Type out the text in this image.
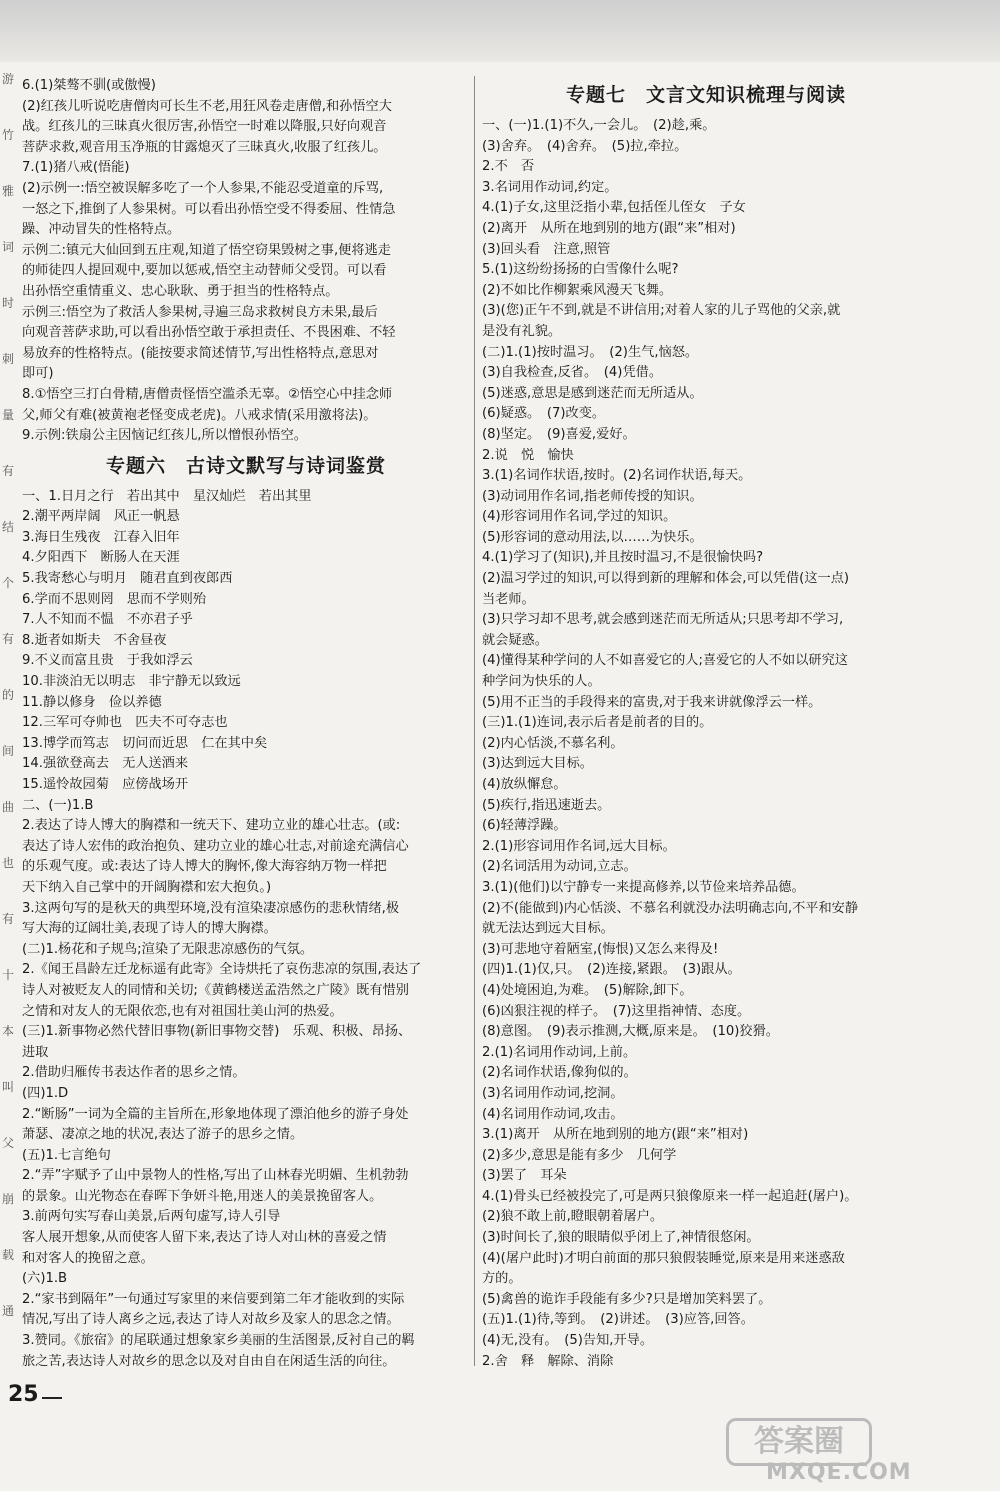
游
竹
雅
词
时
刺
量
有
结
个
有
的
间
曲
也
有
十
本
叫
父
崩
载
通
6.(1)桀骜不驯(或傲慢)
(2)红孩儿听说吃唐僧肉可长生不老,用狂风卷走唐僧,和孙悟空大
战。红孩儿的三昧真火很厉害,孙悟空一时难以降服,只好向观音
菩萨求救,观音用玉净瓶的甘露熄灭了三昧真火,收服了红孩儿。
7.(1)猪八戒(悟能)
(2)示例一:悟空被误解多吃了一个人参果,不能忍受道童的斥骂,
一怒之下,推倒了人参果树。可以看出孙悟空受不得委屈、性情急
躁、冲动冒失的性格特点。
示例二:镇元大仙回到五庄观,知道了悟空窃果毁树之事,便将逃走
的师徒四人提回观中,要加以惩戒,悟空主动替师父受罚。可以看
出孙悟空重情重义、忠心耿耿、勇于担当的性格特点。
示例三:悟空为了救活人参果树,寻遍三岛求救树良方未果,最后
向观音菩萨求助,可以看出孙悟空敢于承担责任、不畏困难、不轻
易放弃的性格特点。(能按要求简述情节,写出性格特点,意思对
即可)
8.①悟空三打白骨精,唐僧责怪悟空滥杀无辜。②悟空心中挂念师
父,师父有难(被黄袍老怪变成老虎)。八戒求情(采用激将法)。
9.示例:铁扇公主因恼记红孩儿,所以憎恨孙悟空。
专题六　古诗文默写与诗词鉴赏
一、1.日月之行　若出其中　星汉灿烂　若出其里
2.潮平两岸阔　风正一帆悬
3.海日生残夜　江春入旧年
4.夕阳西下　断肠人在天涯
5.我寄愁心与明月　随君直到夜郎西
6.学而不思则罔　思而不学则殆
7.人不知而不愠　不亦君子乎
8.逝者如斯夫　不舍昼夜
9.不义而富且贵　于我如浮云
10.非淡泊无以明志　非宁静无以致远
11.静以修身　俭以养德
12.三军可夺帅也　匹夫不可夺志也
13.博学而笃志　切问而近思　仁在其中矣
14.强欲登高去　无人送酒来
15.遥怜故园菊　应傍战场开
二、(一)1.B
2.表达了诗人博大的胸襟和一统天下、建功立业的雄心壮志。(或:
表达了诗人宏伟的政治抱负、建功立业的雄心壮志,对前途充满信心
的乐观气度。或:表达了诗人博大的胸怀,像大海容纳万物一样把
天下纳入自己掌中的开阔胸襟和宏大抱负。)
3.这两句写的是秋天的典型环境,没有渲染凄凉感伤的悲秋情绪,极
写大海的辽阔壮美,表现了诗人的博大胸襟。
(二)1.杨花和子规鸟;渲染了无限悲凉感伤的气氛。
2.《闻王昌龄左迁龙标遥有此寄》全诗烘托了哀伤悲凉的氛围,表达了
诗人对被贬友人的同情和关切;《黄鹤楼送孟浩然之广陵》既有惜别
之情和对友人的无限依恋,也有对祖国壮美山河的热爱。
(三)1.新事物必然代替旧事物(新旧事物交替)　乐观、积极、昂扬、
进取
2.借助归雁传书表达作者的思乡之情。
(四)1.D
2.“断肠”一词为全篇的主旨所在,形象地体现了漂泊他乡的游子身处
萧瑟、凄凉之地的状况,表达了游子的思乡之情。
(五)1.七言绝句
2.“弄”字赋予了山中景物人的性格,写出了山林春光明媚、生机勃勃
的景象。山光物态在春晖下争妍斗艳,用迷人的美景挽留客人。
3.前两句实写春山美景,后两句虚写,诗人引导
客人展开想象,从而使客人留下来,表达了诗人对山林的喜爱之情
和对客人的挽留之意。
(六)1.B
2.“家书到隔年”一句通过写家里的来信要到第二年才能收到的实际
情况,写出了诗人离乡之远,表达了诗人对故乡及家人的思念之情。
3.赞同。《旅宿》的尾联通过想象家乡美丽的生活图景,反衬自己的羁
旅之苦,表达诗人对故乡的思念以及对自由自在闲适生活的向往。
专题七　文言文知识梳理与阅读
一、(一)1.(1)不久,一会儿。　(2)趁,乘。
(3)舍弃。　(4)舍弃。　(5)拉,牵拉。
2.不　否
3.名词用作动词,约定。
4.(1)子女,这里泛指小辈,包括侄儿侄女　子女
(2)离开　从所在地到别的地方(跟“来”相对)
(3)回头看　注意,照管
5.(1)这纷纷扬扬的白雪像什么呢?
(2)不如比作柳絮乘风漫天飞舞。
(3)(您)正午不到,就是不讲信用;对着人家的儿子骂他的父亲,就
是没有礼貌。
(二)1.(1)按时温习。　(2)生气,恼怒。
(3)自我检查,反省。　(4)凭借。
(5)迷惑,意思是感到迷茫而无所适从。
(6)疑惑。　(7)改变。
(8)坚定。　(9)喜爱,爱好。
2.说　悦　愉快
3.(1)名词作状语,按时。(2)名词作状语,每天。
(3)动词用作名词,指老师传授的知识。
(4)形容词用作名词,学过的知识。
(5)形容词的意动用法,以……为快乐。
4.(1)学习了(知识),并且按时温习,不是很愉快吗?
(2)温习学过的知识,可以得到新的理解和体会,可以凭借(这一点)
当老师。
(3)只学习却不思考,就会感到迷茫而无所适从;只思考却不学习,
就会疑惑。
(4)懂得某种学问的人不如喜爱它的人;喜爱它的人不如以研究这
种学问为快乐的人。
(5)用不正当的手段得来的富贵,对于我来讲就像浮云一样。
(三)1.(1)连词,表示后者是前者的目的。
(2)内心恬淡,不慕名利。
(3)达到远大目标。
(4)放纵懈怠。
(5)疾行,指迅速逝去。
(6)轻薄浮躁。
2.(1)形容词用作名词,远大目标。
(2)名词活用为动词,立志。
3.(1)(他们)以宁静专一来提高修养,以节俭来培养品德。
(2)不(能做到)内心恬淡、不慕名利就没办法明确志向,不平和安静
就无法达到远大目标。
(3)可悲地守着陋室,(悔恨)又怎么来得及!
(四)1.(1)仅,只。　(2)连接,紧跟。　(3)跟从。
(4)处境困迫,为难。　(5)解除,卸下。
(6)凶狠注视的样子。　(7)这里指神情、态度。
(8)意图。　(9)表示推测,大概,原来是。　(10)狡猾。
2.(1)名词用作动词,上前。
(2)名词作状语,像狗似的。
(3)名词用作动词,挖洞。
(4)名词用作动词,攻击。
3.(1)离开　从所在地到别的地方(跟“来”相对)
(2)多少,意思是能有多少　几何学
(3)罢了　耳朵
4.(1)骨头已经被投完了,可是两只狼像原来一样一起追赶(屠户)。
(2)狼不敢上前,瞪眼朝着屠户。
(3)时间长了,狼的眼睛似乎闭上了,神情很悠闲。
(4)(屠户此时)才明白前面的那只狼假装睡觉,原来是用来迷惑敌
方的。
(5)禽兽的诡诈手段能有多少?只是增加笑料罢了。
(五)1.(1)待,等到。　(2)讲述。　(3)应答,回答。
(4)无,没有。　(5)告知,开导。
2.舍　释　解除、消除
25
答案圈
MXQE.COM
